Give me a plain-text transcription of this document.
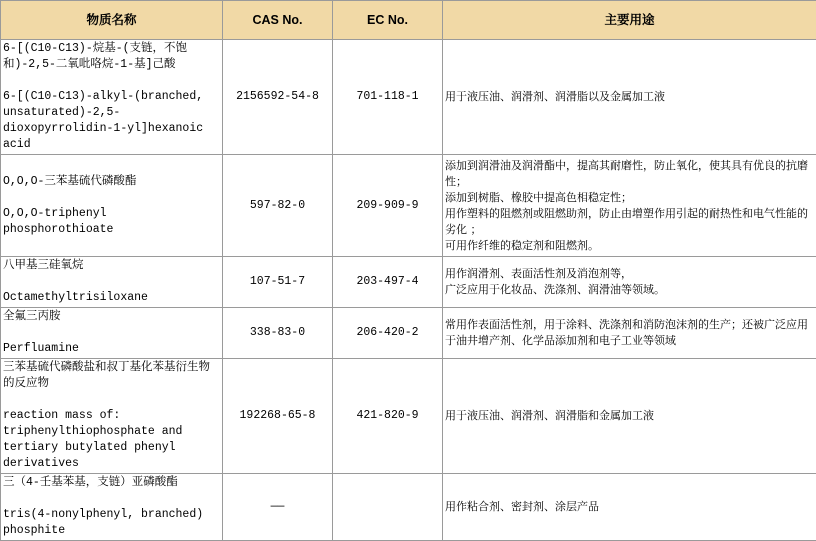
物质名称	CAS No.	EC No.	主要用途
6-[(C10-C13)-烷基-(支链，不饱和)-2,5-二氧吡咯烷-1-基]己酸

6-[(C10-C13)-alkyl-(branched, unsaturated)-2,5-dioxopyrrolidin-1-yl]hexanoic acid	2156592-54-8	701-118-1	用于液压油、润滑剂、润滑脂以及金属加工液
O,O,O-三苯基硫代磷酸酯

O,O,O-triphenyl phosphorothioate	597-82-0	209-909-9	添加到润滑油及润滑酯中，提高其耐磨性，防止氧化，使其具有优良的抗磨性；
添加到树脂、橡胶中提高色相稳定性；
用作塑料的阻燃剂或阻燃助剂，防止由增塑作用引起的耐热性和电气性能的劣化 ；
可用作纤维的稳定剂和阻燃剂。
八甲基三硅氧烷

Octamethyltrisiloxane	107-51-7	203-497-4	用作润滑剂、表面活性剂及消泡剂等，
广泛应用于化妆品、洗涤剂、润滑油等领域。
全氟三丙胺

Perfluamine	338-83-0	206-420-2	常用作表面活性剂，用于涂料、洗涤剂和消防泡沫剂的生产；还被广泛应用于油井增产剂、化学品添加剂和电子工业等领域
三苯基硫代磷酸盐和叔丁基化苯基衍生物的反应物

reaction mass of: triphenylthiophosphate and tertiary butylated phenyl derivatives	192268-65-8	421-820-9	用于液压油、润滑剂、润滑脂和金属加工液
三（4-壬基苯基，支链）亚磷酸酯

tris(4-nonylphenyl, branched) phosphite	——		用作粘合剂、密封剂、涂层产品
